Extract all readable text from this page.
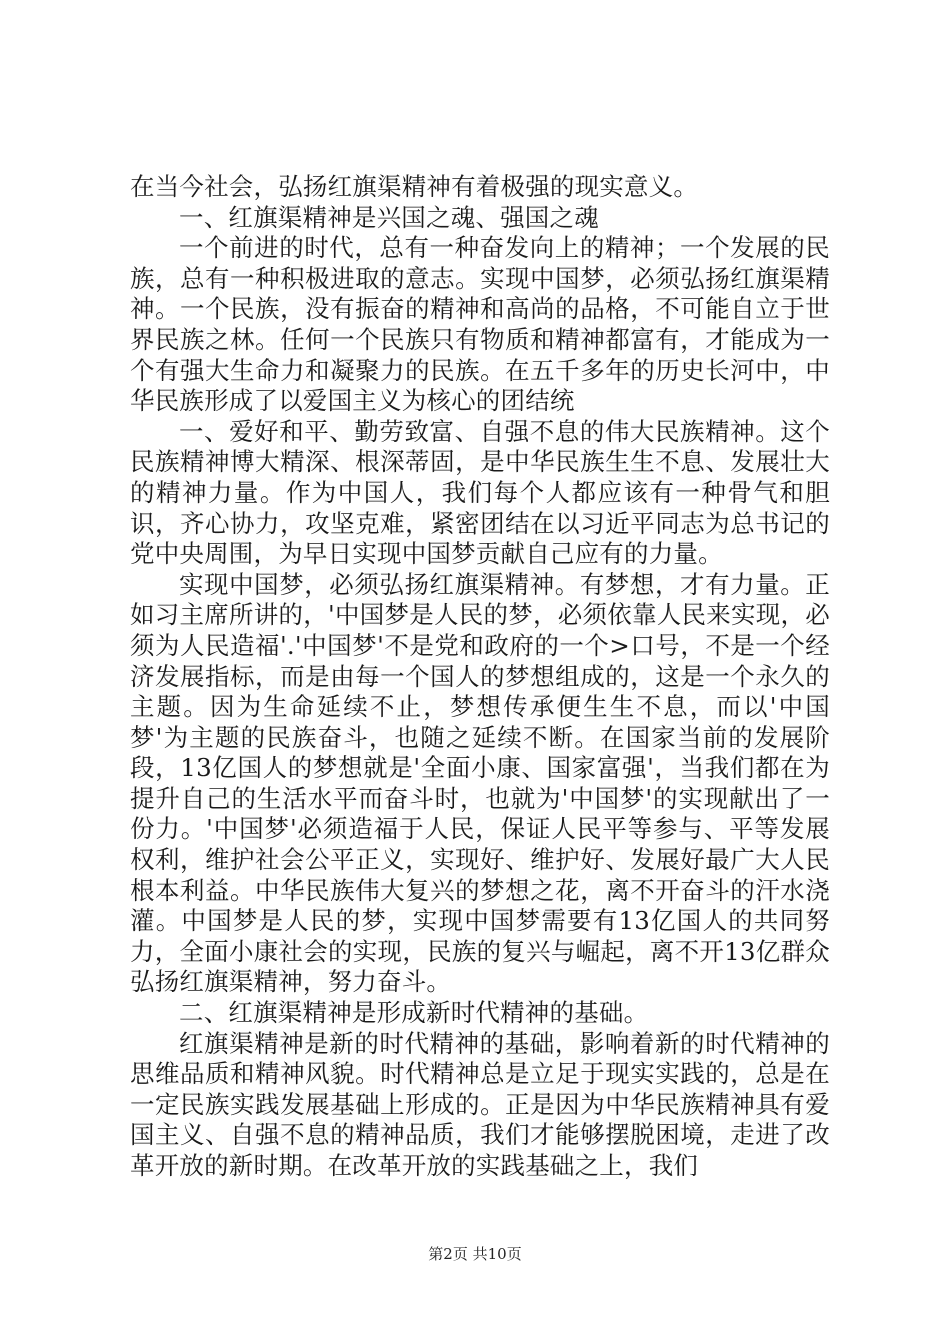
在当今社会，弘扬红旗渠精神有着极强的现实意义。

一、红旗渠精神是兴国之魂、强国之魂

一个前进的时代，总有一种奋发向上的精神；一个发展的民族，总有一种积极进取的意志。实现中国梦，必须弘扬红旗渠精神。一个民族，没有振奋的精神和高尚的品格，不可能自立于世界民族之林。任何一个民族只有物质和精神都富有，才能成为一个有强大生命力和凝聚力的民族。在五千多年的历史长河中，中华民族形成了以爱国主义为核心的团结统

一、爱好和平、勤劳致富、自强不息的伟大民族精神。这个民族精神博大精深、根深蒂固，是中华民族生生不息、发展壮大的精神力量。作为中国人，我们每个人都应该有一种骨气和胆识，齐心协力，攻坚克难，紧密团结在以习近平同志为总书记的党中央周围，为早日实现中国梦贡献自己应有的力量。

实现中国梦，必须弘扬红旗渠精神。有梦想，才有力量。正如习主席所讲的，'中国梦是人民的梦，必须依靠人民来实现，必须为人民造福'.'中国梦'不是党和政府的一个>口号，不是一个经济发展指标，而是由每一个国人的梦想组成的，这是一个永久的主题。因为生命延续不止，梦想传承便生生不息，而以'中国梦'为主题的民族奋斗，也随之延续不断。在国家当前的发展阶段，13亿国人的梦想就是'全面小康、国家富强'，当我们都在为提升自己的生活水平而奋斗时，也就为'中国梦'的实现献出了一份力。'中国梦'必须造福于人民，保证人民平等参与、平等发展权利，维护社会公平正义，实现好、维护好、发展好最广大人民根本利益。中华民族伟大复兴的梦想之花，离不开奋斗的汗水浇灌。中国梦是人民的梦，实现中国梦需要有13亿国人的共同努力，全面小康社会的实现，民族的复兴与崛起，离不开13亿群众弘扬红旗渠精神，努力奋斗。

二、红旗渠精神是形成新时代精神的基础。

红旗渠精神是新的时代精神的基础，影响着新的时代精神的思维品质和精神风貌。时代精神总是立足于现实实践的，总是在一定民族实践发展基础上形成的。正是因为中华民族精神具有爱国主义、自强不息的精神品质，我们才能够摆脱困境，走进了改革开放的新时期。在改革开放的实践基础之上，我们

第2页 共10页
